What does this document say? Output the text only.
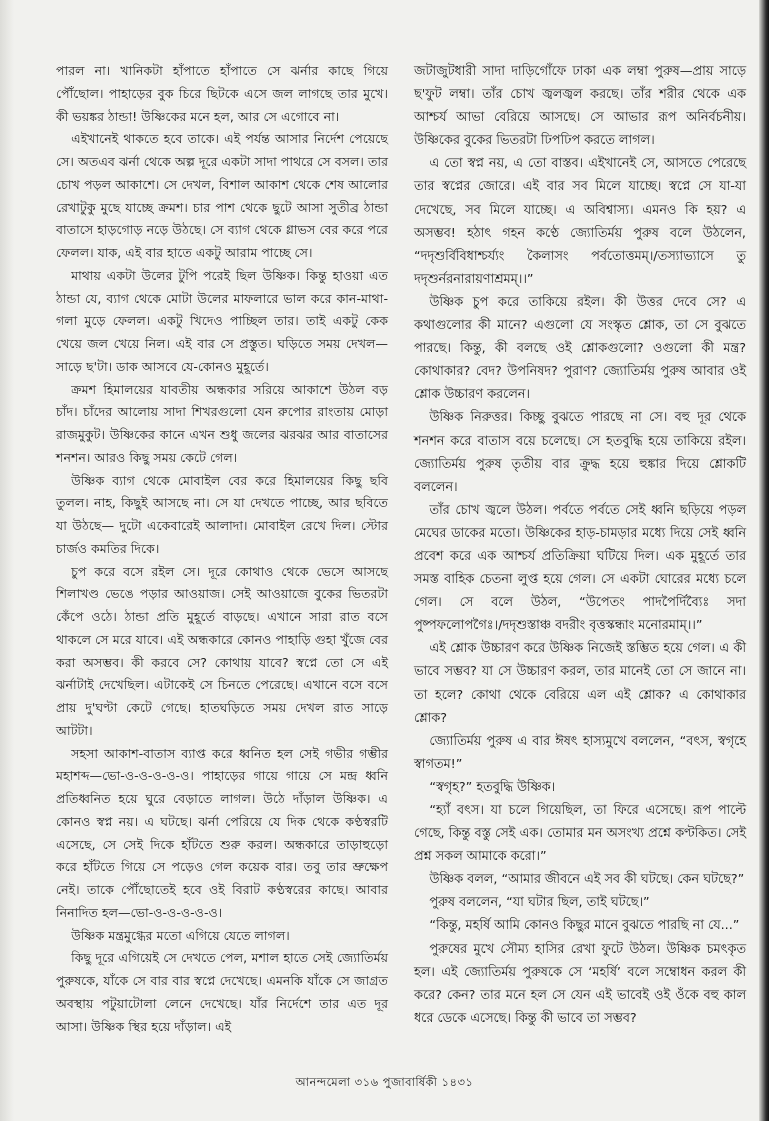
পারল না। খানিকটা হাঁপাতে হাঁপাতে সে ঝর্নার কাছে গিয়ে পৌঁছোল। পাহাড়ের বুক চিরে ছিটকে এসে জল লাগছে তার মুখে। কী ভয়ঙ্কর ঠান্ডা! উষ্ণিকের মনে হল, আর সে এগোবে না।

এইখানেই থাকতে হবে তাকে। এই পর্যন্ত আসার নির্দেশ পেয়েছে সে। অতএব ঝর্না থেকে অল্প দূরে একটা সাদা পাথরে সে বসল। তার চোখ পড়ল আকাশে। সে দেখল, বিশাল আকাশ থেকে শেষ আলোর রেখাটুকু মুছে যাচ্ছে ক্রমশ। চার পাশ থেকে ছুটে আসা সুতীব্র ঠান্ডা বাতাসে হাড়গোড় নড়ে উঠছে। সে ব্যাগ থেকে গ্লাভস বের করে পরে ফেলল। যাক, এই বার হাতে একটু আরাম পাচ্ছে সে।

মাথায় একটা উলের টুপি পরেই ছিল উষ্ণিক। কিন্তু হাওয়া এত ঠান্ডা যে, ব্যাগ থেকে মোটা উলের মাফলারে ভাল করে কান-মাথা-গলা মুড়ে ফেলল। একটু খিদেও পাচ্ছিল তার। তাই একটু কেক খেয়ে জল খেয়ে নিল। এই বার সে প্রস্তুত। ঘড়িতে সময় দেখল—সাড়ে ছ'টা। ডাক আসবে যে-কোনও মুহূর্তে।

ক্রমশ হিমালয়ের যাবতীয় অন্ধকার সরিয়ে আকাশে উঠল বড় চাঁদ। চাঁদের আলোয় সাদা শিখরগুলো যেন রুপোর রাংতায় মোড়া রাজমুকুট। উষ্ণিকের কানে এখন শুধু জলের ঝরঝর আর বাতাসের শনশন। আরও কিছু সময় কেটে গেল।

উষ্ণিক ব্যাগ থেকে মোবাইল বের করে হিমালয়ের কিছু ছবি তুলল। নাহ, কিছুই আসছে না। সে যা দেখতে পাচ্ছে, আর ছবিতে যা উঠছে— দুটো একেবারেই আলাদা। মোবাইল রেখে দিল। স্টোর চার্জও কমতির দিকে।

চুপ করে বসে রইল সে। দূরে কোথাও থেকে ভেসে আসছে শিলাখণ্ড ভেঙে পড়ার আওয়াজ। সেই আওয়াজে বুকের ভিতরটা কেঁপে ওঠে। ঠান্ডা প্রতি মুহূর্তে বাড়ছে। এখানে সারা রাত বসে থাকলে সে মরে যাবে। এই অন্ধকারে কোনও পাহাড়ি গুহা খুঁজে বের করা অসম্ভব। কী করবে সে? কোথায় যাবে? স্বপ্নে তো সে এই ঝর্নাটাই দেখেছিল। এটাকেই সে চিনতে পেরেছে। এখানে বসে বসে প্রায় দু'ঘণ্টা কেটে গেছে। হাতঘড়িতে সময় দেখল রাত সাড়ে আটটা।

সহসা আকাশ-বাতাস ব্যাপ্ত করে ধ্বনিত হল সেই গভীর গম্ভীর মহাশব্দ—ভো-ও-ও-ও-ও-ও। পাহাড়ের গায়ে গায়ে সে মন্দ্র ধ্বনি প্রতিধ্বনিত হয়ে ঘুরে বেড়াতে লাগল। উঠে দাঁড়াল উষ্ণিক। এ কোনও স্বপ্ন নয়। এ ঘটছে। ঝর্না পেরিয়ে যে দিক থেকে কণ্ঠস্বরটি এসেছে, সে সেই দিকে হাঁটতে শুরু করল। অন্ধকারে তাড়াহুড়ো করে হাঁটতে গিয়ে সে পড়েও গেল কয়েক বার। তবু তার ভ্রুক্ষেপ নেই। তাকে পৌঁছোতেই হবে ওই বিরাট কণ্ঠস্বরের কাছে। আবার নিনাদিত হল—ভো-ও-ও-ও-ও-ও।

উষ্ণিক মন্ত্রমুগ্ধের মতো এগিয়ে যেতে লাগল।

কিছু দূরে এগিয়েই সে দেখতে পেল, মশাল হাতে সেই জ্যোতির্ময় পুরুষকে, যাঁকে সে বার বার স্বপ্নে দেখেছে। এমনকি যাঁকে সে জাগ্রত অবস্থায় পটুয়াটোলা লেনে দেখেছে। যাঁর নির্দেশে তার এত দূর আসা। উষ্ণিক স্থির হয়ে দাঁড়াল। এই

জটাজুটধারী সাদা দাড়িগোঁফে ঢাকা এক লম্বা পুরুষ—প্রায় সাড়ে ছ'ফুট লম্বা। তাঁর চোখ জ্বলজ্বল করছে। তাঁর শরীর থেকে এক আশ্চর্য আভা বেরিয়ে আসছে। সে আভার রূপ অনির্বচনীয়। উষ্ণিকের বুকের ভিতরটা ঢিপঢিপ করতে লাগল।

এ তো স্বপ্ন নয়, এ তো বাস্তব। এইখানেই সে, আসতে পেরেছে তার স্বপ্নের জোরে। এই বার সব মিলে যাচ্ছে। স্বপ্নে সে যা-যা দেখেছে, সব মিলে যাচ্ছে। এ অবিশ্বাস্য। এমনও কি হয়? এ অসম্ভব! হঠাৎ গহন কণ্ঠে জ্যোতির্ময় পুরুষ বলে উঠলেন, “দদৃশুর্বিবিধাশ্চর্য্যং কৈলাসং পর্বতোত্তমম্।/তস্যাভ্যাসে তু দদৃশুর্নরনারায়ণাশ্রমম্।।”

উষ্ণিক চুপ করে তাকিয়ে রইল। কী উত্তর দেবে সে? এ কথাগুলোর কী মানে? এগুলো যে সংস্কৃত শ্লোক, তা সে বুঝতে পারছে। কিন্তু, কী বলছে ওই শ্লোকগুলো? ওগুলো কী মন্ত্র? কোথাকার? বেদ? উপনিষদ? পুরাণ? জ্যোতির্ময় পুরুষ আবার ওই শ্লোক উচ্চারণ করলেন।

উষ্ণিক নিরুত্তর। কিচ্ছু বুঝতে পারছে না সে। বহু দূর থেকে শনশন করে বাতাস বয়ে চলেছে। সে হতবুদ্ধি হয়ে তাকিয়ে রইল। জ্যোতির্ময় পুরুষ তৃতীয় বার ক্রুদ্ধ হয়ে হুঙ্কার দিয়ে শ্লোকটি বললেন।

তাঁর চোখ জ্বলে উঠল। পর্বতে পর্বতে সেই ধ্বনি ছড়িয়ে পড়ল মেঘের ডাকের মতো। উষ্ণিকের হাড়-চামড়ার মধ্যে দিয়ে সেই ধ্বনি প্রবেশ করে এক আশ্চর্য প্রতিক্রিয়া ঘটিয়ে দিল। এক মুহূর্তে তার সমস্ত বাহিক চেতনা লুপ্ত হয়ে গেল। সে একটা ঘোরের মধ্যে চলে গেল। সে বলে উঠল, “উপেতং পাদপৈর্দিব্যৈঃ সদা পুষ্পফলোপগৈঃ।/দদৃশুস্তাঞ্চ বদরীং বৃত্তস্কন্ধাং মনোরমাম্।।”

এই শ্লোক উচ্চারণ করে উষ্ণিক নিজেই স্তম্ভিত হয়ে গেল। এ কী ভাবে সম্ভব? যা সে উচ্চারণ করল, তার মানেই তো সে জানে না। তা হলে? কোথা থেকে বেরিয়ে এল এই শ্লোক? এ কোথাকার শ্লোক?

জ্যোতির্ময় পুরুষ এ বার ঈষৎ হাস্যমুখে বললেন, “বৎস, স্বগৃহে স্বাগতম!”

“স্বগৃহ?” হতবুদ্ধি উষ্ণিক।

“হ্যাঁ বৎস। যা চলে গিয়েছিল, তা ফিরে এসেছে। রূপ পাল্টে গেছে, কিন্তু বস্তু সেই এক। তোমার মন অসংখ্য প্রশ্নে কণ্টকিত। সেই প্রশ্ন সকল আমাকে করো।”

উষ্ণিক বলল, “আমার জীবনে এই সব কী ঘটছে। কেন ঘটছে?”

পুরুষ বললেন, “যা ঘটার ছিল, তাই ঘটছে।”

“কিন্তু, মহর্ষি আমি কোনও কিছুর মানে বুঝতে পারছি না যে...”

পুরুষের মুখে সৌম্য হাসির রেখা ফুটে উঠল। উষ্ণিক চমৎকৃত হল। এই জ্যোতির্ময় পুরুষকে সে ‘মহর্ষি’ বলে সম্বোধন করল কী করে? কেন? তার মনে হল সে যেন এই ভাবেই ওই ওঁকে বহু কাল ধরে ডেকে এসেছে। কিন্তু কী ভাবে তা সম্ভব?

আনন্দমেলা ৩১৬ পুজাবার্ষিকী ১৪৩১
